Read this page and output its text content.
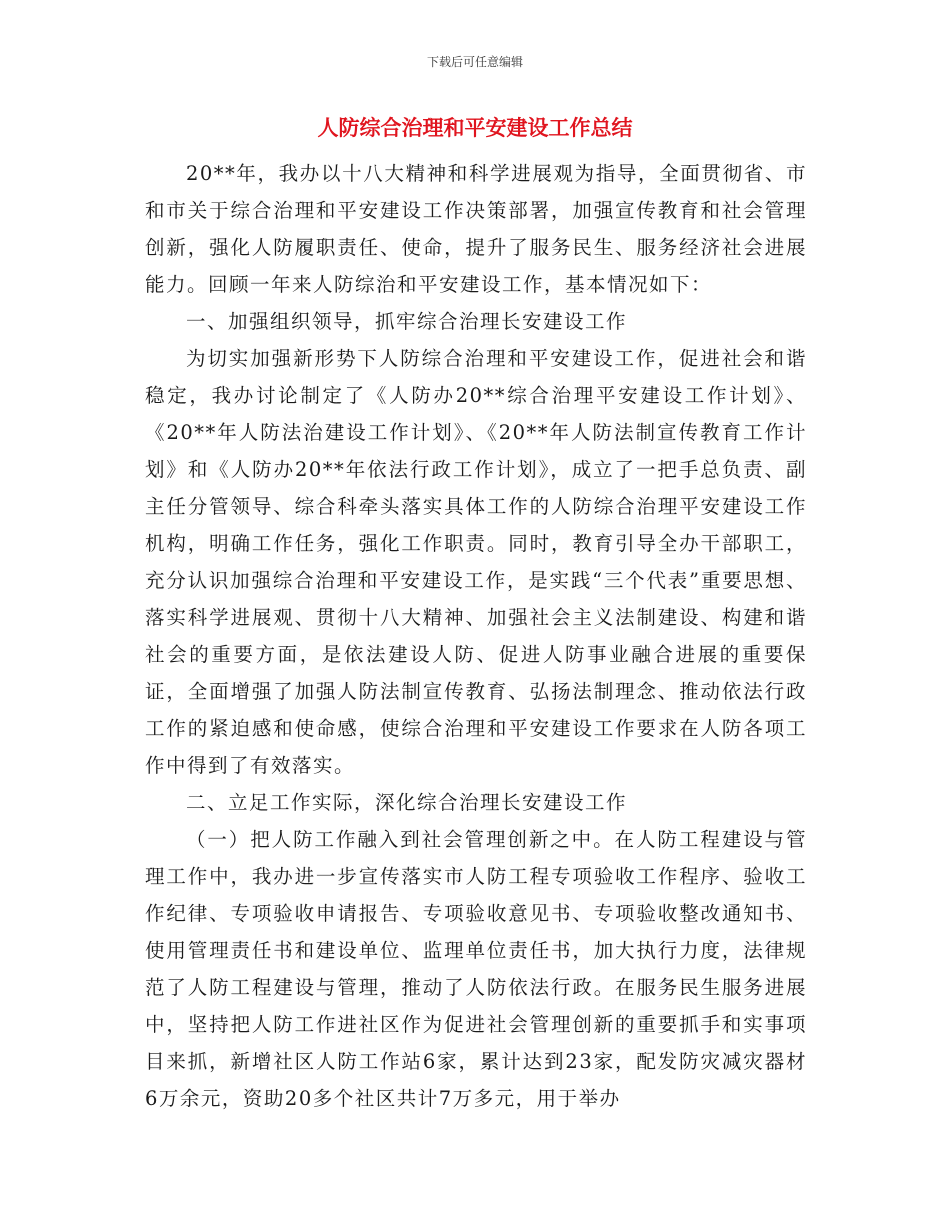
下载后可任意编辑
人防综合治理和平安建设工作总结

20**年，我办以十八大精神和科学进展观为指导，全面贯彻省、市和市关于综合治理和平安建设工作决策部署，加强宣传教育和社会管理创新，强化人防履职责任、使命，提升了服务民生、服务经济社会进展能力。回顾一年来人防综治和平安建设工作，基本情况如下：

一、加强组织领导，抓牢综合治理长安建设工作

为切实加强新形势下人防综合治理和平安建设工作，促进社会和谐稳定，我办讨论制定了《人防办20**综合治理平安建设工作计划》、《20**年人防法治建设工作计划》、《20**年人防法制宣传教育工作计划》和《人防办20**年依法行政工作计划》，成立了一把手总负责、副主任分管领导、综合科牵头落实具体工作的人防综合治理平安建设工作机构，明确工作任务，强化工作职责。同时，教育引导全办干部职工，充分认识加强综合治理和平安建设工作，是实践“三个代表”重要思想、落实科学进展观、贯彻十八大精神、加强社会主义法制建设、构建和谐社会的重要方面，是依法建设人防、促进人防事业融合进展的重要保证，全面增强了加强人防法制宣传教育、弘扬法制理念、推动依法行政工作的紧迫感和使命感，使综合治理和平安建设工作要求在人防各项工作中得到了有效落实。

二、立足工作实际，深化综合治理长安建设工作

（一）把人防工作融入到社会管理创新之中。在人防工程建设与管理工作中，我办进一步宣传落实市人防工程专项验收工作程序、验收工作纪律、专项验收申请报告、专项验收意见书、专项验收整改通知书、使用管理责任书和建设单位、监理单位责任书，加大执行力度，法律规范了人防工程建设与管理，推动了人防依法行政。在服务民生服务进展中，坚持把人防工作进社区作为促进社会管理创新的重要抓手和实事项目来抓，新增社区人防工作站6家，累计达到23家，配发防灾减灾器材6万余元，资助20多个社区共计7万多元，用于举办
